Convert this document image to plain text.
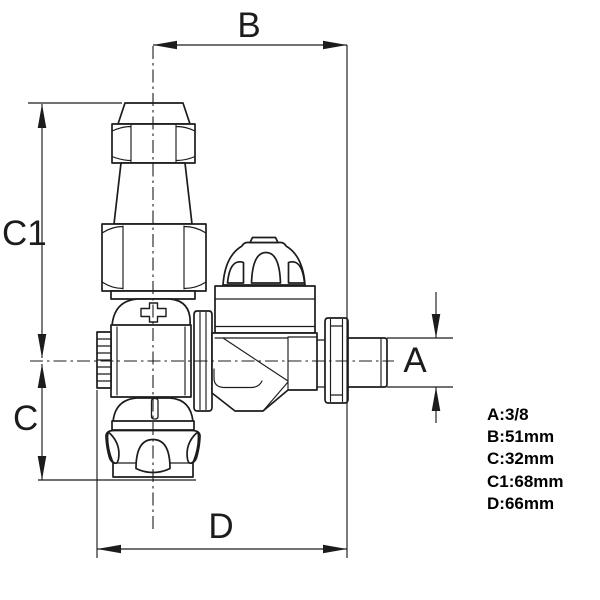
B
C1
C
D
A
A:3/8
B:51mm
C:32mm
C1:68mm
D:66mm
